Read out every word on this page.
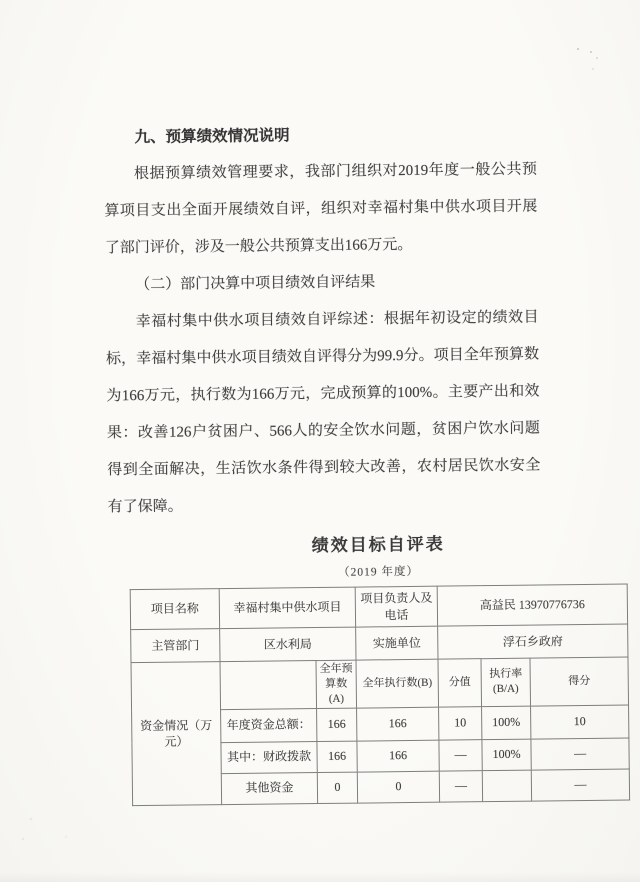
九、预算绩效情况说明

根据预算绩效管理要求，我部门组织对2019年度一般公共预算项目支出全面开展绩效自评，组织对幸福村集中供水项目开展了部门评价，涉及一般公共预算支出166万元。

（二）部门决算中项目绩效自评结果

幸福村集中供水项目绩效自评综述：根据年初设定的绩效目标，幸福村集中供水项目绩效自评得分为99.9分。项目全年预算数为166万元，执行数为166万元，完成预算的100%。主要产出和效果：改善126户贫困户、566人的安全饮水问题，贫困户饮水问题得到全面解决，生活饮水条件得到较大改善，农村居民饮水安全有了保障。

绩效目标自评表
（2019 年度）
项目名称	幸福村集中供水项目		项目负责人及电话	高益民 13970776736		
主管部门	区水利局		实施单位	浮石乡政府		
资金情况（万元）		全年预算数(A)	全年执行数(B)	分值	执行率(B/A)	得分
	年度资金总额：	166	166	10	100%	10
	其中：财政拨款	166	166	—	100%	—
	其他资金	0	0	—		—
